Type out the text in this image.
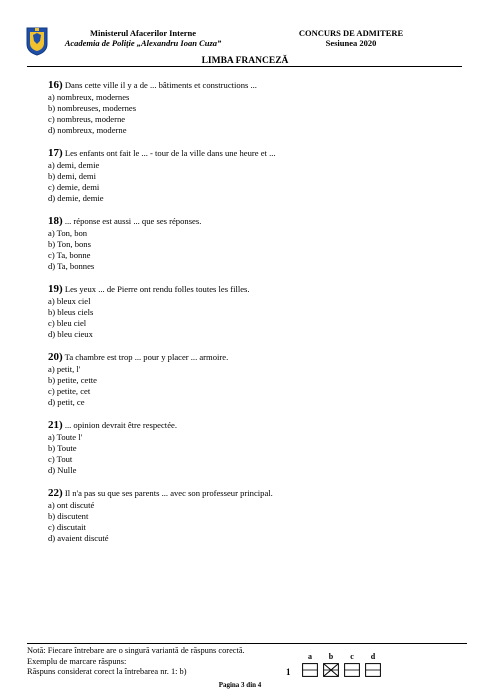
Ministerul Afacerilor Interne
Academia de Poliție „Alexandru Ioan Cuza”
CONCURS DE ADMITERE
Sesiunea 2020
LIMBA FRANCEZĂ
16) Dans cette ville il y a de ... bâtiments et constructions ...
a) nombreux, modernes
b) nombreuses, modernes
c) nombreus, moderne
d) nombreux, moderne
17) Les enfants ont fait le ... - tour de la ville dans une heure et ...
a) demi, demie
b) demi, demi
c) demie, demi
d) demie, demie
18) ... réponse est aussi ... que ses réponses.
a) Ton, bon
b) Ton, bons
c) Ta, bonne
d) Ta, bonnes
19) Les yeux ... de Pierre ont rendu folles toutes les filles.
a) bleux ciel
b) bleus ciels
c) bleu ciel
d) bleu cieux
20) Ta chambre est trop ... pour y placer ... armoire.
a) petit, l'
b) petite, cette
c) petite, cet
d) petit, ce
21) ... opinion devrait être respectée.
a) Toute l'
b) Toute
c) Tout
d) Nulle
22) Il n'a pas su que ses parents ... avec son professeur principal.
a) ont discuté
b) discutent
c) discutait
d) avaient discuté
Notă: Fiecare întrebare are o singură variantă de răspuns corectă.
Exemplu de marcare răspuns:
Răspuns considerat corect la întrebarea nr. 1: b)	1
a	b	c	d
Pagina 3 din 4
